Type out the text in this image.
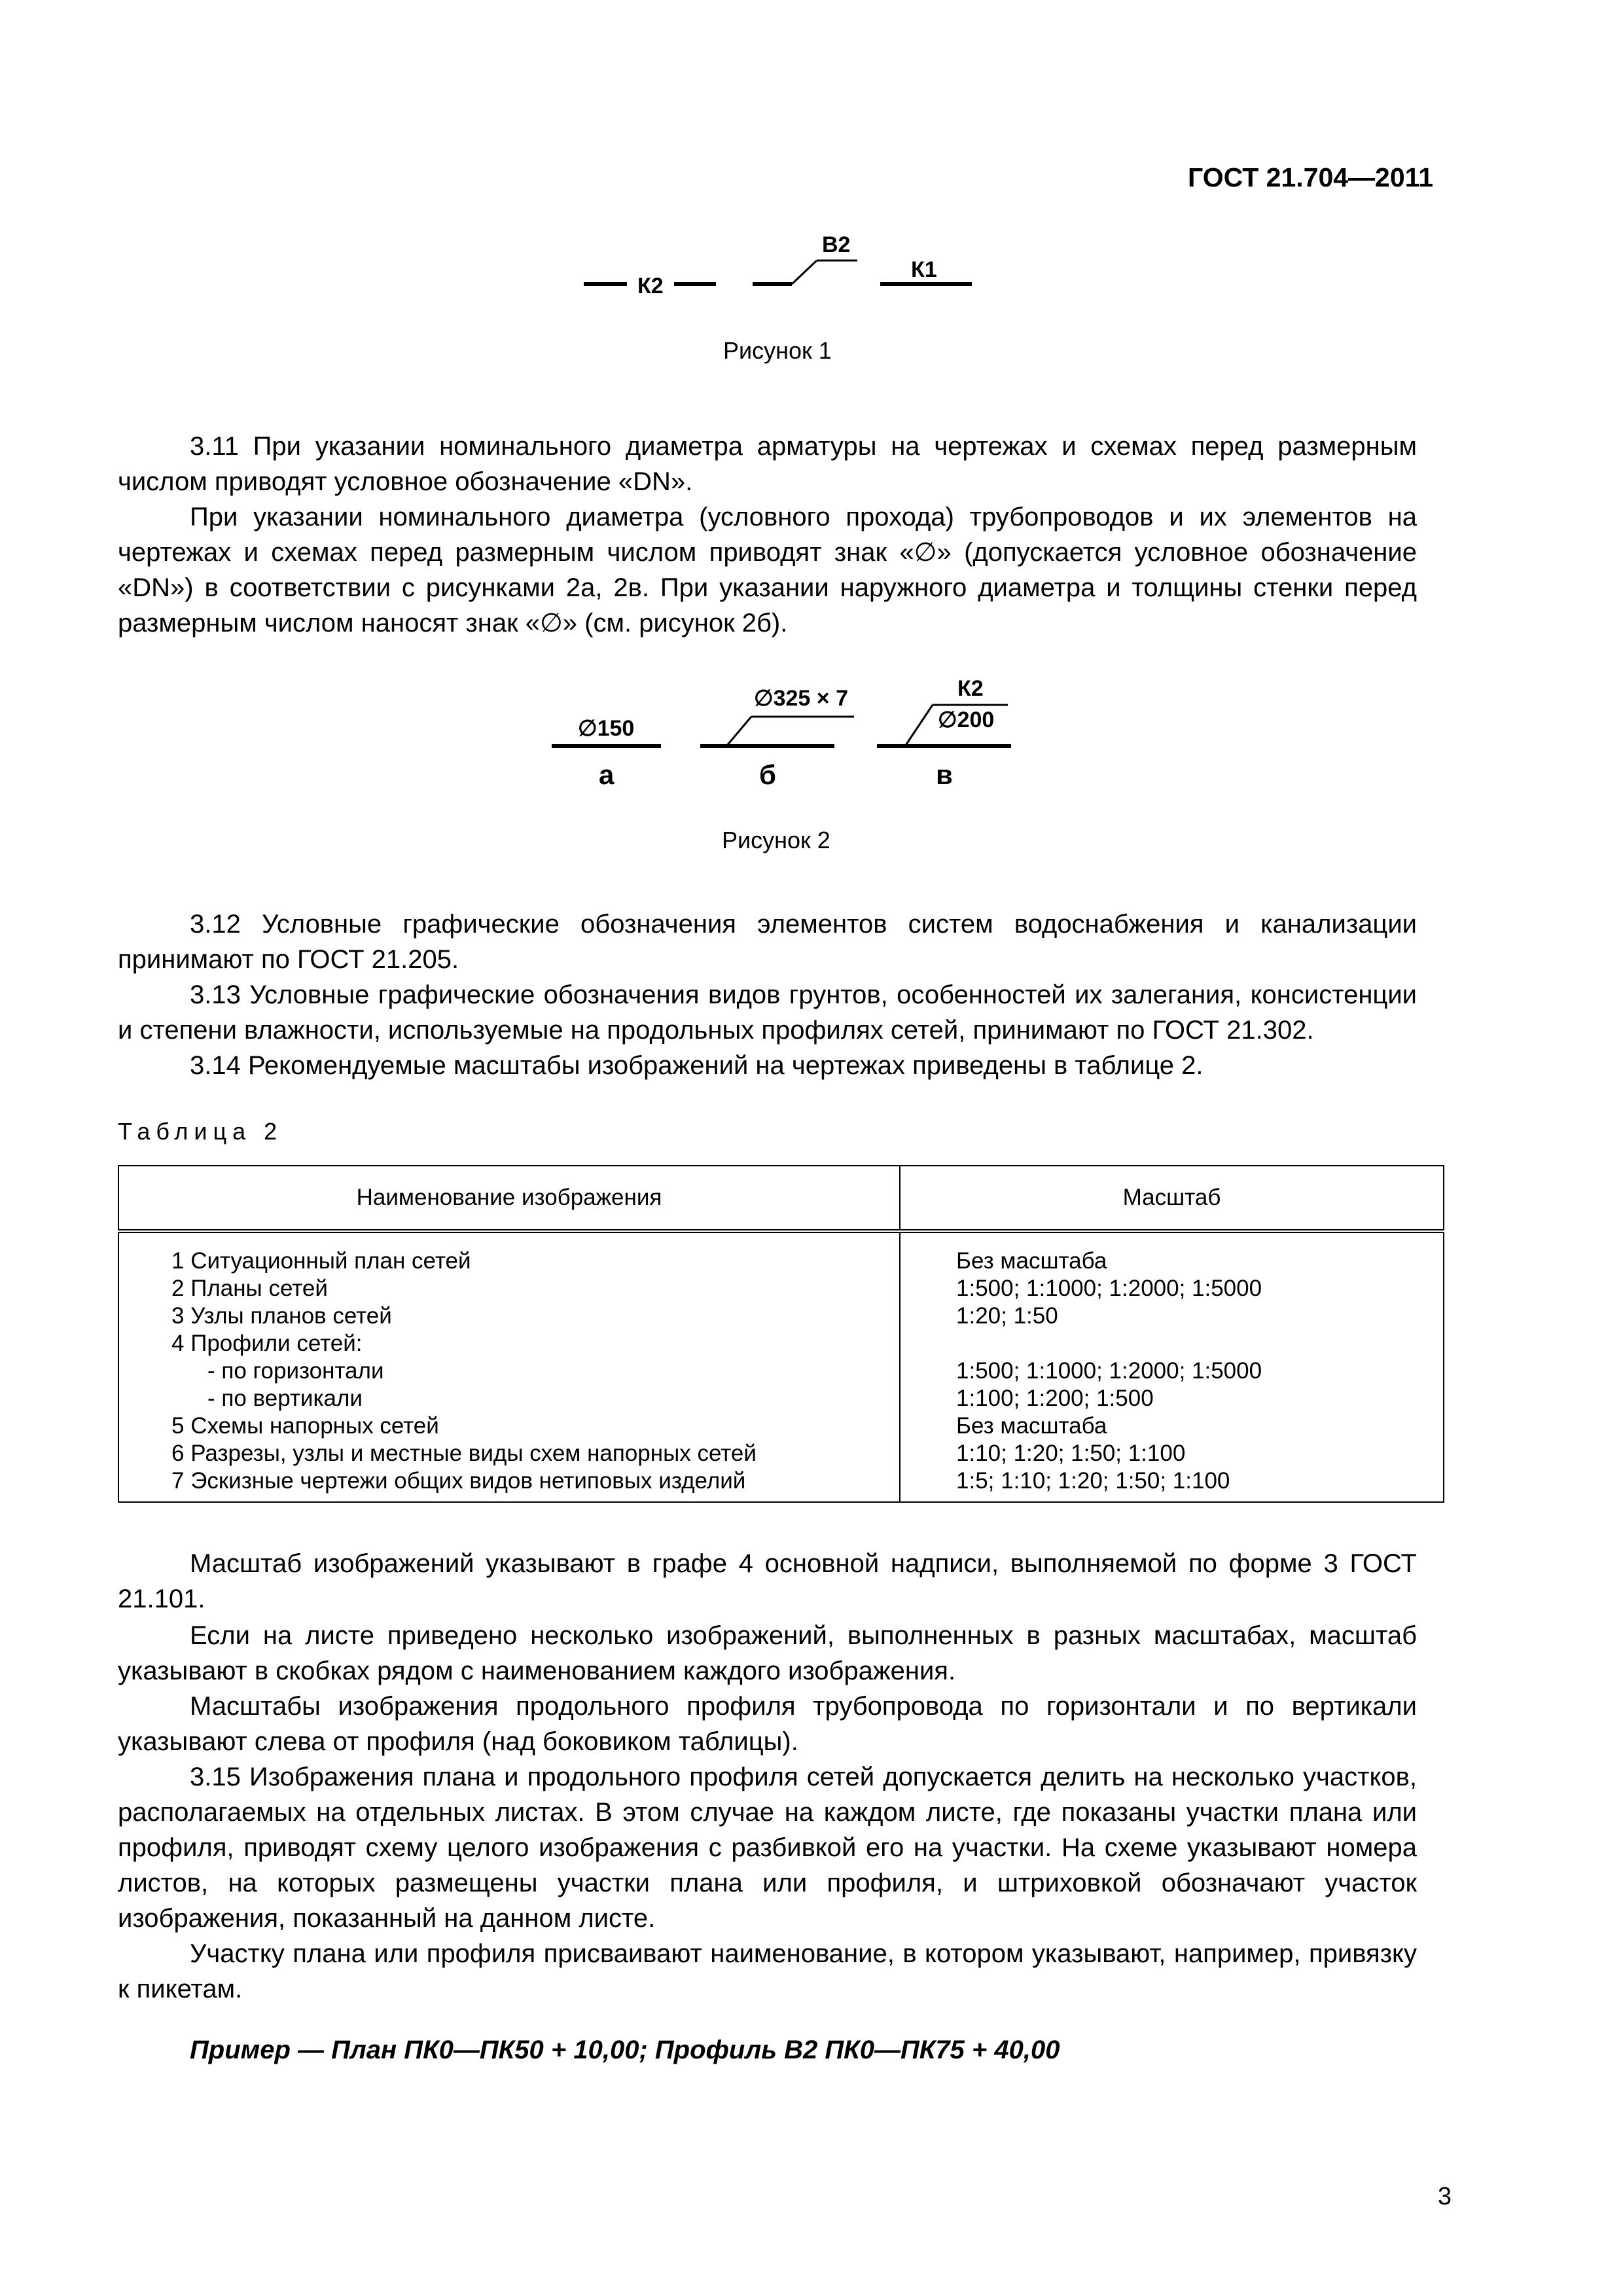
ГОСТ 21.704—2011
К2
В2
К1
Рисунок 1
3.11 При указании номинального диаметра арматуры на чертежах и схемах перед размерным числом приводят условное обозначение «DN».
При указании номинального диаметра (условного прохода) трубопроводов и их элементов на чертежах и схемах перед размерным числом приводят знак «∅» (допускается условное обозначение «DN») в соответствии с рисунками 2а, 2в. При указании наружного диаметра и толщины стенки перед размерным числом наносят знак «∅» (см. рисунок 2б).
∅150
а
∅325 × 7
б
К2
∅200
в
Рисунок 2
3.12 Условные графические обозначения элементов систем водоснабжения и канализации принимают по ГОСТ 21.205.
3.13 Условные графические обозначения видов грунтов, особенностей их залегания, консистенции и степени влажности, используемые на продольных профилях сетей, принимают по ГОСТ 21.302.
3.14 Рекомендуемые масштабы изображений на чертежах приведены в таблице 2.
Таблица 2
Наименование изображения	Масштаб
1 Ситуационный план сетей	Без масштаба
2 Планы сетей	1:500; 1:1000; 1:2000; 1:5000
3 Узлы планов сетей	1:20; 1:50
4 Профили сетей:	
- по горизонтали	1:500; 1:1000; 1:2000; 1:5000
- по вертикали	1:100; 1:200; 1:500
5 Схемы напорных сетей	Без масштаба
6 Разрезы, узлы и местные виды схем напорных сетей	1:10; 1:20; 1:50; 1:100
7 Эскизные чертежи общих видов нетиповых изделий	1:5; 1:10; 1:20; 1:50; 1:100
Масштаб изображений указывают в графе 4 основной надписи, выполняемой по форме 3 ГОСТ 21.101.
Если на листе приведено несколько изображений, выполненных в разных масштабах, масштаб указывают в скобках рядом с наименованием каждого изображения.
Масштабы изображения продольного профиля трубопровода по горизонтали и по вертикали указывают слева от профиля (над боковиком таблицы).
3.15 Изображения плана и продольного профиля сетей допускается делить на несколько участков, располагаемых на отдельных листах. В этом случае на каждом листе, где показаны участки плана или профиля, приводят схему целого изображения с разбивкой его на участки. На схеме указывают номера листов, на которых размещены участки плана или профиля, и штриховкой обозначают участок изображения, показанный на данном листе.
Участку плана или профиля присваивают наименование, в котором указывают, например, привязку к пикетам.
Пример — План ПК0—ПК50 + 10,00; Профиль В2 ПК0—ПК75 + 40,00
3
